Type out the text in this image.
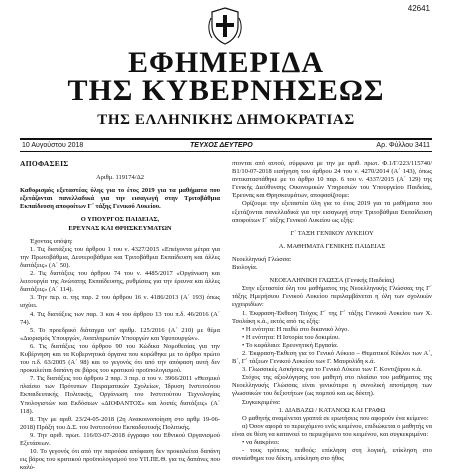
42641
ΕΦΗΜΕΡΙΔΑ
ΤΗΣ ΚΥΒΕΡΝΗΣΕΩΣ
ΤΗΣ ΕΛΛΗΝΙΚΗΣ ΔΗΜΟΚΡΑΤΙΑΣ
10 Αυγούστου 2018	ΤΕΥΧΟΣ ΔΕΥΤΕΡΟ	Αρ. Φύλλου 3411
ΑΠΟΦΑΣΕΙΣ
Αριθμ. 119174/Δ2
Καθορισμός εξεταστέας ύλης για το έτος 2019 για τα μαθήματα που εξετάζονται πανελλαδικά για την εισαγωγή στην Τριτοβάθμια Εκπαίδευση αποφοίτων Γ΄ τάξης Γενικού Λυκείου.
Ο ΥΠΟΥΡΓΟΣ ΠΑΙΔΕΙΑΣ,
ΕΡΕΥΝΑΣ ΚΑΙ ΘΡΗΣΚΕΥΜΑΤΩΝ
Έχοντας υπόψη:
1. Τις διατάξεις του άρθρου 1 του ν. 4327/2015 «Επείγοντα μέτρα για την Πρωτοβάθμια, Δευτεροβάθμια και Τριτοβάθμια Εκπαίδευση και άλλες διατάξεις» (Α΄ 50).
2. Τις διατάξεις του άρθρου 74 του ν. 4485/2017 «Οργάνωση και λειτουργία της Ανώτατης Εκπαίδευσης, ρυθμίσεις για την έρευνα και άλλες διατάξεις» (Α΄ 114).
3. Την περ. α. της παρ. 2 του άρθρου 16 ν. 4186/2013 (Α΄ 193) όπως ισχύει.
4. Τις διατάξεις των παρ. 3 και 4 του άρθρου 13 του π.δ. 46/2016 (Α΄ 74).
5. Το προεδρικό διάταγμα υπ' αριθμ. 125/2016 (Α΄ 210) με θέμα «Διορισμός Υπουργών, Αναπληρωτών Υπουργών και Υφυπουργών».
6. Τις διατάξεις του άρθρου 90 του Κώδικα Νομοθεσίας για την Κυβέρνηση και τα Κυβερνητικά όργανα που κυρώθηκε με το άρθρο πρώτο του π.δ. 63/2005 (Α΄ 98) και το γεγονός ότι από την απόφαση αυτή δεν προκαλείται δαπάνη σε βάρος του κρατικού προϋπολογισμού.
7. Τις διατάξεις του άρθρου 2 παρ. 3 περ. α του ν. 3966/2011 «Θεσμικό πλαίσιο των Πρότυπων Πειραματικών Σχολείων, Ίδρυση Ινστιτούτου Εκπαιδευτικής Πολιτικής, Οργάνωση του Ινστιτούτου Τεχνολογίας Υπολογιστών και Εκδόσεων «ΔΙΟΦΑΝΤΟΣ» και λοιπές διατάξεις» (Α΄ 118).
8. Την με αριθ. 23/24-05-2018 (2η Ανακοινοποίηση στο αρθμ 19-06-2018) Πράξη του Δ.Σ. του Ινστιτούτου Εκπαιδευτικής Πολιτικής.
9. Την αριθ. πρωτ. 116/03-07-2018 έγγραφο του Εθνικού Οργανισμού Εξετάσεων.
10. Το γεγονός ότι από την παρούσα απόφαση δεν προκαλείται δαπάνη εις βάρος του κρατικού προϋπολογισμού του ΥΠ.ΠΕ.Θ. για τις δαπάνες που καλύ-
πτονται από αυτού, σύμφωνα με την με αριθ. πρωτ. Φ.1/Γ/223/115740/Β1/10-07-2018 εισήγηση του άρθρου 24 του ν. 4270/2014 (Α΄ 143), όπως αντικαταστάθηκε με το άρθρο 10 παρ. 6 του ν. 4337/2015 (Α΄ 129) της Γενικής Διεύθυνσης Οικονομικών Υπηρεσιών του Υπουργείου Παιδείας, Έρευνας και Θρησκευμάτων, αποφασίζουμε:
Ορίζουμε την εξεταστέα ύλη για το έτος 2019 για τα μαθήματα που εξετάζονται πανελλαδικά για την εισαγωγή στην Τριτοβάθμια Εκπαίδευση αποφοίτων Γ΄ τάξης Γενικού Λυκείου ως εξής:
Γ΄ ΤΑΞΗ ΓΕΝΙΚΟΥ ΛΥΚΕΙΟΥ
Α. ΜΑΘΗΜΑΤΑ ΓΕΝΙΚΗΣ ΠΑΙΔΕΙΑΣ
Νεοελληνική Γλώσσα:
Βιολογία.
ΝΕΟΕΛΛΗΝΙΚΗ ΓΛΩΣΣΑ (Γενικής Παιδείας)
Στην εξεταστέα ύλη του μαθήματος της Νεοελληνικής Γλώσσας της Γ΄ τάξης Ημερήσιου Γενικού Λυκείου περιλαμβάνεται η ύλη των σχολικών εγχειριδίων:
1. Έκφραση-Έκθεση Τεύχος Γ΄ της Γ΄ τάξης Γενικού Λυκείου των Χ. Τσολάκη κ.ά., εκτός από τις εξής:
• Η ενότητα: Η πειθώ στο δικανικό λόγο.
• Η ενότητα: Η Ιστορία του δοκιμίου.
• Το κεφάλαιο: Ερευνητική Εργασία.
2. Έκφραση-Έκθεση για το Γενικό Λύκειο – Θεματικοί Κύκλοι των Α΄, Β΄, Γ΄ τάξεων Γενικού Λυκείου των Γ. Μαυρολίδη κ.ά.
3. Γλωσσικές Ασκήσεις για το Γενικό Λύκειο των Γ. Κοντιζάρου κ.ά.
Στόχος της αξιολόγησης του μαθητή στο πλαίσιο του μαθήματος της Νεοελληνικής Γλώσσας είναι γενικότερα η συνολική αποτίμηση των γλωσσικών του δεξιοτήτων (ως πομπού και ως δέκτη).
Συγκεκριμένα:
1. ΔΙΑΒΑΖΩ / ΚΑΤΑΝΟΩ ΚΑΙ ΓΡΑΦΩ
Ο μαθητής αναμένεται γραπτά σε ερωτήσεις που αφορούν ένα κείμενο:
α) Όσον αφορά το περιεχόμενο ενός κειμένου, επιδιώκεται ο μαθητής να είναι σε θέση να κατανοεί το περιεχόμενο του κειμένου, και συγκεκριμένα:
• να διακρίνει:
- τους τρόπους πειθούς: επίκληση στη λογική, επίκληση στο συναίσθημα του δέκτη, επίκληση στο ήθος
